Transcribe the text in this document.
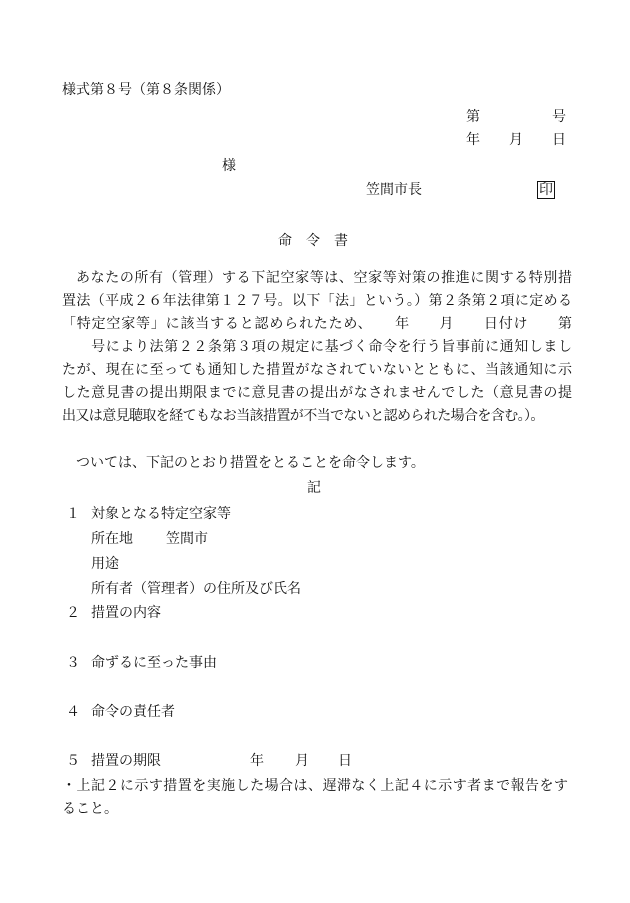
様式第８号（第８条関係）
第	号
年 月 日
様
笠間市長	印
命　令　書

あなたの所有（管理）する下記空家等は、空家等対策の推進に関する特別措

置法（平成２６年法律第１２７号。以下「法」という。）第２条第２項に定める

「特定空家等」に該当すると認められたため、　　年　　月　　日付け　　第

　　号により法第２２条第３項の規定に基づく命令を行う旨事前に通知しまし

たが、現在に至っても通知した措置がなされていないとともに、当該通知に示

した意見書の提出期限までに意見書の提出がなされませんでした（意見書の提

出又は意見聴取を経てもなお当該措置が不当でないと認められた場合を含む。）。

ついては、下記のとおり措置をとることを命令します。
記
１ 対象となる特定空家等
所在地 笠間市
用途
所有者（管理者）の住所及び氏名
２ 措置の内容
３ 命ずるに至った事由
４ 命令の責任者
５ 措置の期限	年 月 日

・上記２に示す措置を実施した場合は、遅滞なく上記４に示す者まで報告をす

ること。
